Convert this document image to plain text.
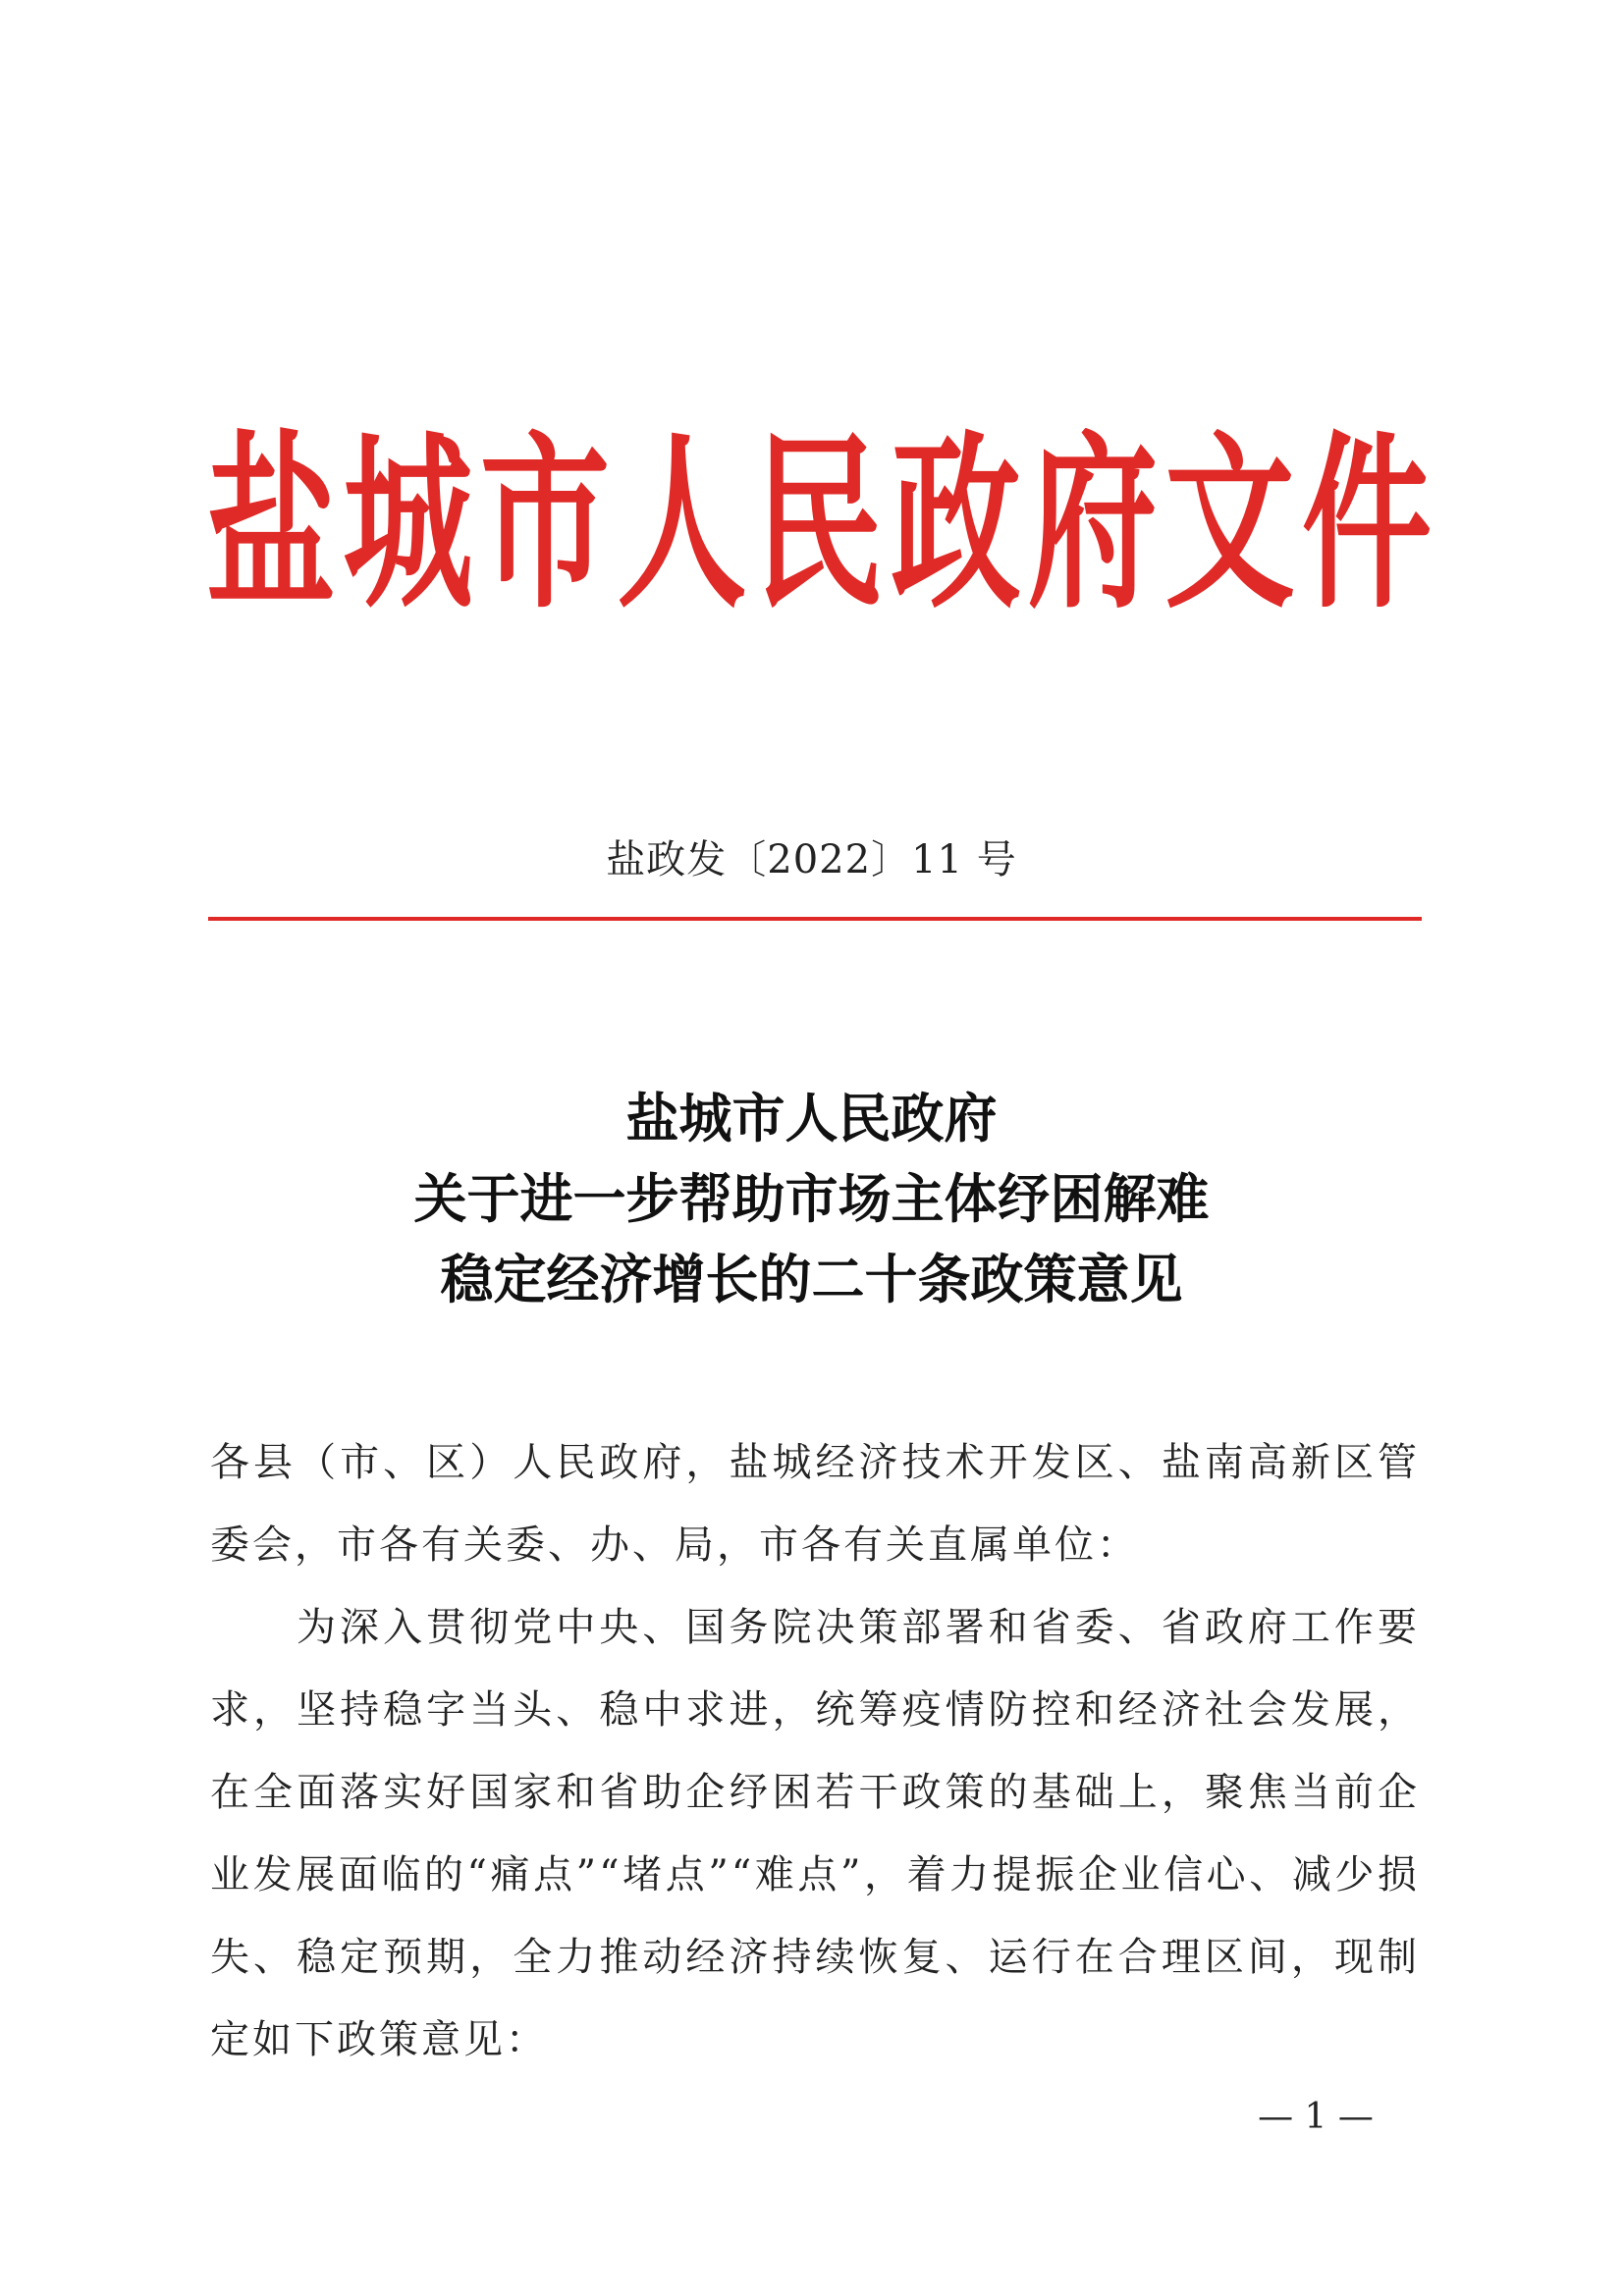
盐 城 市 人 民 政 府 文 件
盐政发〔2022〕11 号
盐城市人民政府
关于进一步帮助市场主体纾困解难
稳定经济增长的二十条政策意见

各县（市、区）人民政府，盐城经济技术开发区、盐南高新区管委会，市各有关委、办、局，市各有关直属单位：

为深入贯彻党中央、国务院决策部署和省委、省政府工作要求，坚持稳字当头、稳中求进，统筹疫情防控和经济社会发展，在全面落实好国家和省助企纾困若干政策的基础上，聚焦当前企业发展面临的“痛点”“堵点”“难点”，着力提振企业信心、减少损失、稳定预期，全力推动经济持续恢复、运行在合理区间，现制定如下政策意见：

— 1 —
